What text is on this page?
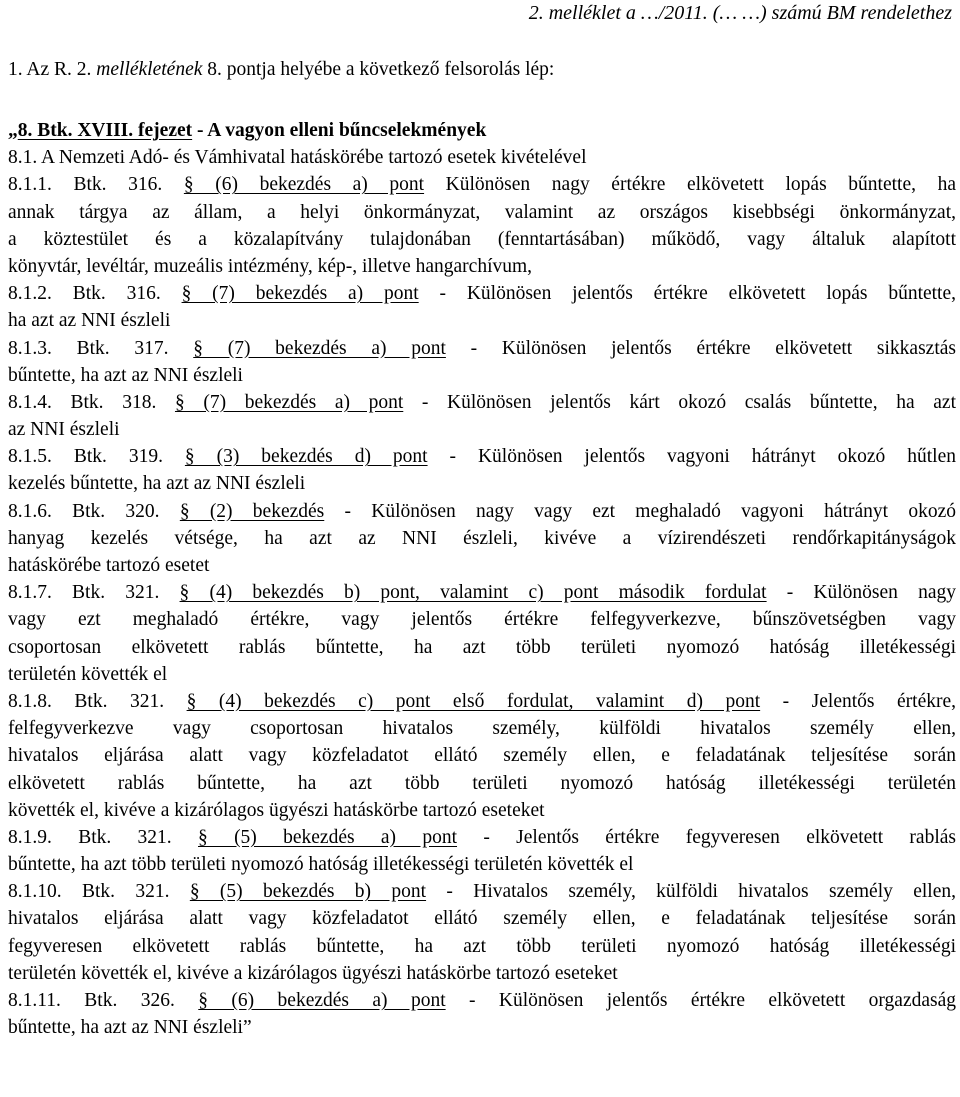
2. melléklet a …/2011. (… …) számú BM rendelethez
1. Az R. 2. mellékletének 8. pontja helyébe a következő felsorolás lép:
„8. Btk. XVIII. fejezet - A vagyon elleni bűncselekmények
8.1. A Nemzeti Adó- és Vámhivatal hatáskörébe tartozó esetek kivételével
8.1.1. Btk. 316. § (6) bekezdés a) pont Különösen nagy értékre elkövetett lopás bűntette, ha
annak tárgya az állam, a helyi önkormányzat, valamint az országos kisebbségi önkormányzat,
a köztestület és a közalapítvány tulajdonában (fenntartásában) működő, vagy általuk alapított
könyvtár, levéltár, muzeális intézmény, kép-, illetve hangarchívum,
8.1.2. Btk. 316. § (7) bekezdés a) pont - Különösen jelentős értékre elkövetett lopás bűntette,
ha azt az NNI észleli
8.1.3. Btk. 317. § (7) bekezdés a) pont - Különösen jelentős értékre elkövetett sikkasztás
bűntette, ha azt az NNI észleli
8.1.4. Btk. 318. § (7) bekezdés a) pont - Különösen jelentős kárt okozó csalás bűntette, ha azt
az NNI észleli
8.1.5. Btk. 319. § (3) bekezdés d) pont - Különösen jelentős vagyoni hátrányt okozó hűtlen
kezelés bűntette, ha azt az NNI észleli
8.1.6. Btk. 320. § (2) bekezdés - Különösen nagy vagy ezt meghaladó vagyoni hátrányt okozó
hanyag kezelés vétsége, ha azt az NNI észleli, kivéve a vízirendészeti rendőrkapitányságok
hatáskörébe tartozó esetet
8.1.7. Btk. 321. § (4) bekezdés b) pont, valamint c) pont második fordulat - Különösen nagy
vagy ezt meghaladó értékre, vagy jelentős értékre felfegyverkezve, bűnszövetségben vagy
csoportosan elkövetett rablás bűntette, ha azt több területi nyomozó hatóság illetékességi
területén követték el
8.1.8. Btk. 321. § (4) bekezdés c) pont első fordulat, valamint d) pont - Jelentős értékre,
felfegyverkezve vagy csoportosan hivatalos személy, külföldi hivatalos személy ellen,
hivatalos eljárása alatt vagy közfeladatot ellátó személy ellen, e feladatának teljesítése során
elkövetett rablás bűntette, ha azt több területi nyomozó hatóság illetékességi területén
követték el, kivéve a kizárólagos ügyészi hatáskörbe tartozó eseteket
8.1.9. Btk. 321. § (5) bekezdés a) pont - Jelentős értékre fegyveresen elkövetett rablás
bűntette, ha azt több területi nyomozó hatóság illetékességi területén követték el
8.1.10. Btk. 321. § (5) bekezdés b) pont - Hivatalos személy, külföldi hivatalos személy ellen,
hivatalos eljárása alatt vagy közfeladatot ellátó személy ellen, e feladatának teljesítése során
fegyveresen elkövetett rablás bűntette, ha azt több területi nyomozó hatóság illetékességi
területén követték el, kivéve a kizárólagos ügyészi hatáskörbe tartozó eseteket
8.1.11. Btk. 326. § (6) bekezdés a) pont - Különösen jelentős értékre elkövetett orgazdaság
bűntette, ha azt az NNI észleli”
